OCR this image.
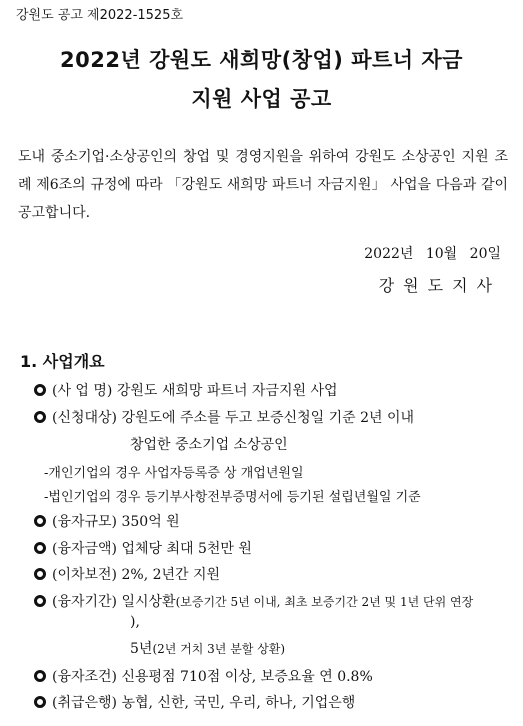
강원도 공고 제2022-1525호
2022년 강원도 새희망(창업) 파트너 자금
지원 사업 공고
도내 중소기업·소상공인의 창업 및 경영지원을 위하여 강원도 소상공인 지원 조례 제6조의 규정에 따라 「강원도 새희망 파트너 자금지원」 사업을 다음과 같이 공고합니다.
2022년 10월 20일
강원도지사
1. 사업개요
(사 업 명) 강원도 새희망 파트너 자금지원 사업
(신청대상) 강원도에 주소를 두고 보증신청일 기준 2년 이내
창업한 중소기업 소상공인
-개인기업의 경우 사업자등록증 상 개업년원일
-법인기업의 경우 등기부사항전부증명서에 등기된 설립년월일 기준
(융자규모) 350억 원
(융자금액) 업체당 최대 5천만 원
(이차보전) 2%, 2년간 지원
(융자기간) 일시상환(보증기간 5년 이내, 최초 보증기간 2년 및 1년 단위 연장
),
5년(2년 거치 3년 분할 상환)
(융자조건) 신용평점 710점 이상, 보증요율 연 0.8%
(취급은행) 농협, 신한, 국민, 우리, 하나, 기업은행
